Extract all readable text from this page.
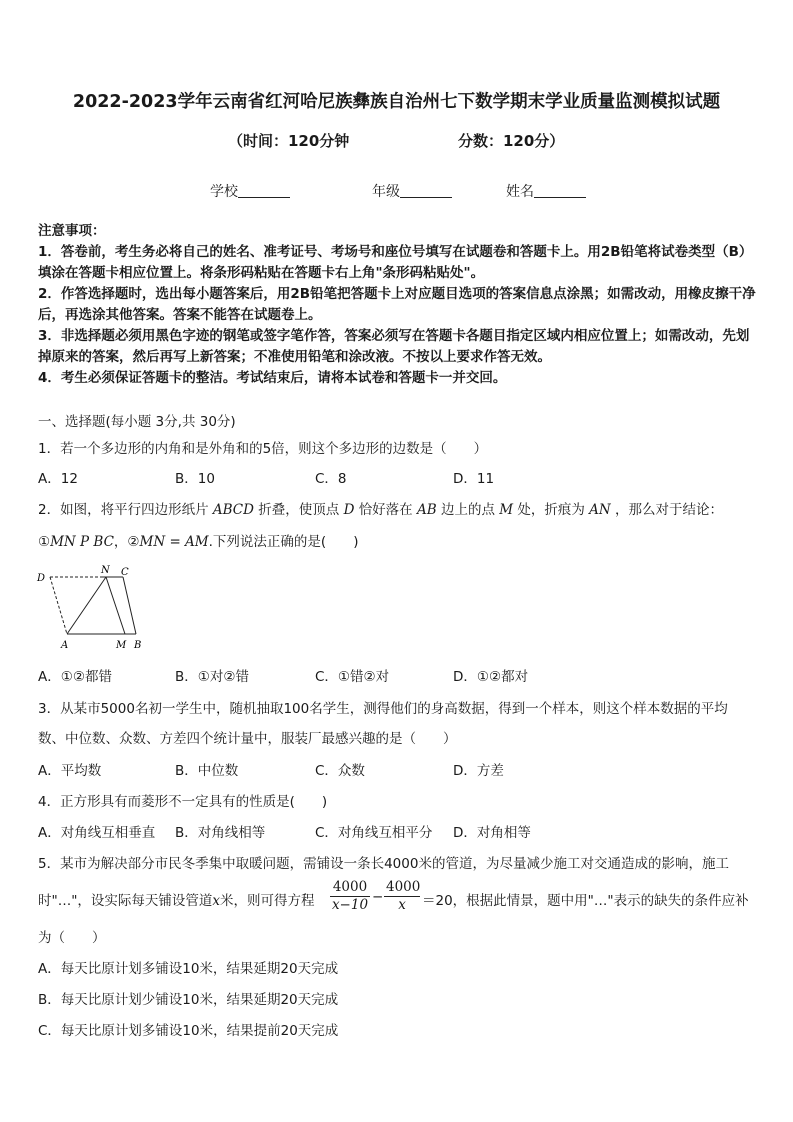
2022-2023学年云南省红河哈尼族彝族自治州七下数学期末学业质量监测模拟试题
（时间：120分钟	分数：120分）
学校	年级	姓名
注意事项：
1．答卷前，考生务必将自己的姓名、准考证号、考场号和座位号填写在试题卷和答题卡上。用2B铅笔将试卷类型（B）填涂在答题卡相应位置上。将条形码粘贴在答题卡右上角"条形码粘贴处"。
2．作答选择题时，选出每小题答案后，用2B铅笔把答题卡上对应题目选项的答案信息点涂黑；如需改动，用橡皮擦干净后，再选涂其他答案。答案不能答在试题卷上。
3．非选择题必须用黑色字迹的钢笔或签字笔作答，答案必须写在答题卡各题目指定区域内相应位置上；如需改动，先划掉原来的答案，然后再写上新答案；不准使用铅笔和涂改液。不按以上要求作答无效。
4．考生必须保证答题卡的整洁。考试结束后，请将本试卷和答题卡一并交回。
一、选择题(每小题 3分,共 30分)
1．若一个多边形的内角和是外角和的5倍，则这个多边形的边数是（　　）
A．12	B．10	C．8	D．11
2．如图，将平行四边形纸片 ABCD 折叠，使顶点 D 恰好落在 AB 边上的点 M 处，折痕为 AN ，那么对于结论：
①MN P BC，②MN = AM.下列说法正确的是(　　)
D
N C
A	M B
A．①②都错	B．①对②错	C．①错②对	D．①②都对
3．从某市5000名初一学生中，随机抽取100名学生，测得他们的身高数据，得到一个样本，则这个样本数据的平均
数、中位数、众数、方差四个统计量中，服装厂最感兴趣的是（　　）
A．平均数	B．中位数	C．众数	D．方差
4．正方形具有而菱形不一定具有的性质是(　　)
A．对角线互相垂直 B．对角线相等	C．对角线互相平分 D．对角相等
5．某市为解决部分市民冬季集中取暖问题，需铺设一条长4000米的管道，为尽量减少施工对交通造成的影响，施工
时"…"，设实际每天铺设管道x米，则可得方程 $\frac{4000}{x-10} - \frac{4000}{x} =20$，根据此情景，题中用"…"表示的缺失的条件应补
为（　　）
A．每天比原计划多铺设10米，结果延期20天完成
B．每天比原计划少铺设10米，结果延期20天完成
C．每天比原计划多铺设10米，结果提前20天完成
